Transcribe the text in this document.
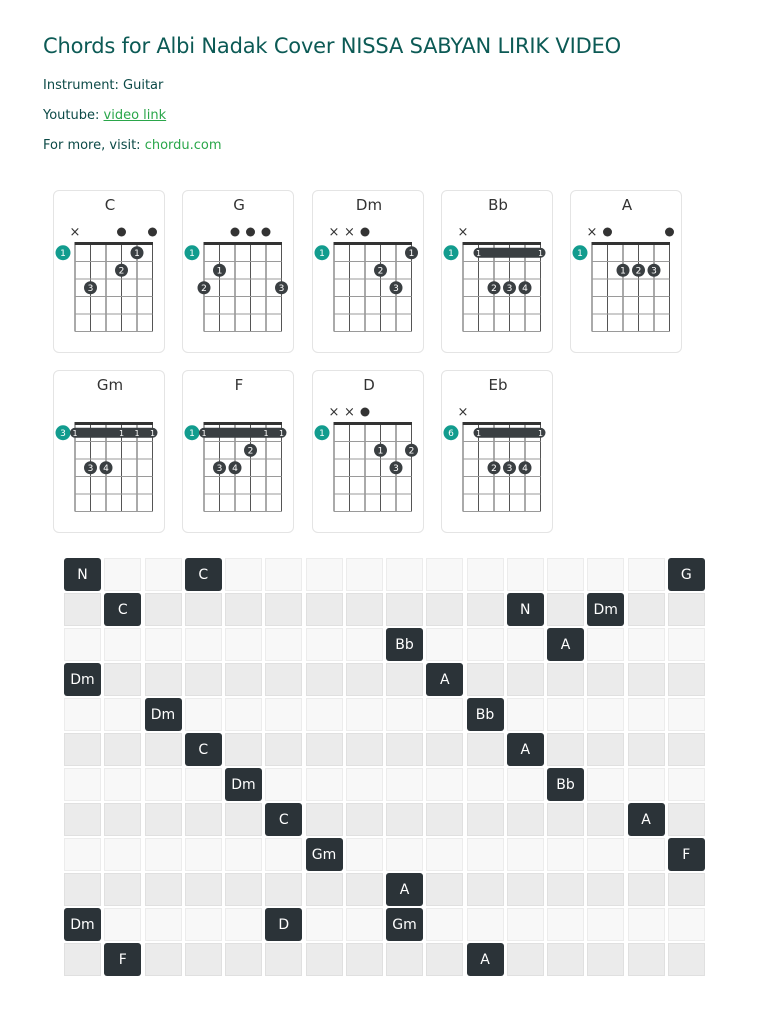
Chords for Albi Nadak Cover NISSA SABYAN LIRIK VIDEO
Instrument: Guitar
Youtube: video link
For more, visit: chordu.com
C
×
1	1
2
3
G
1
1
2	3
Dm
× ×
1	1
2
3
Bb
×
1	1	1
2 3 4
A
×
1
1 2 3
Gm
3 1	1 1 1
3 4
F
1 1	1 1
2
3 4
D
× ×
1
1	2
3
Eb
×
6	1	1
2 3 4
N	C	G
C	N	Dm
Bb	A
Dm	A
Dm	Bb
C	A
Dm	Bb
C	A
Gm	F
A
Dm	D	Gm
F	A
